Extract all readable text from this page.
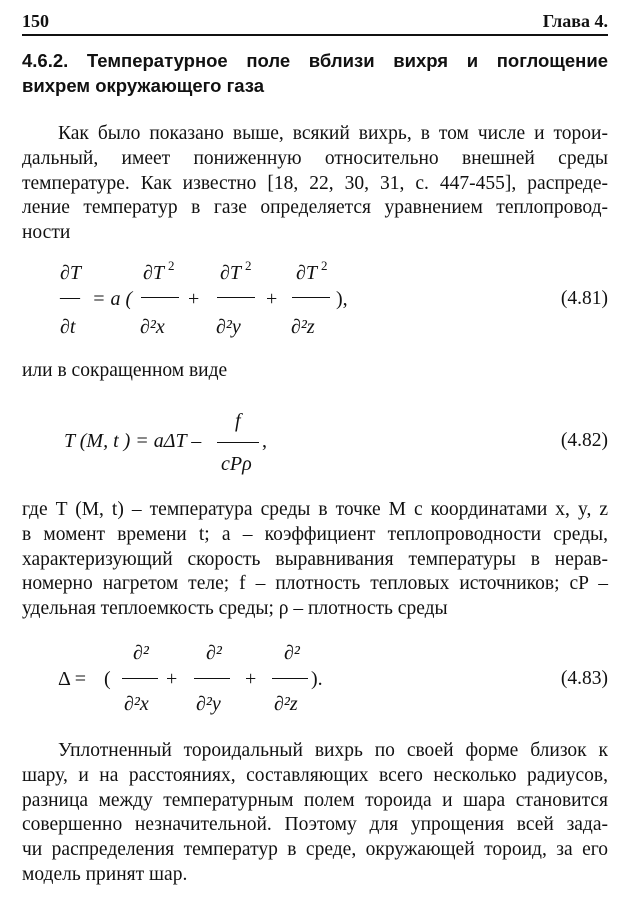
150	Глава 4.
4.6.2. Температурное поле вблизи вихря и поглощение
вихрем окружающего газа
Как было показано выше, всякий вихрь, в том числе и торои-
дальный, имеет пониженную относительно внешней среды
температуре. Как известно [18, 22, 30, 31, с. 447-455], распреде-
ление температур в газе определяется уравнением теплопровод-
ности
∂T
—
∂t
= a (
∂T 2
∂²x
+
∂T 2
∂²y
+
∂T 2
∂²z
),	(4.81)
или в сокращенном виде
T (M, t ) = aΔT –
f
cPρ
,	(4.82)
где T (M, t) – температура среды в точке M с координатами x, y, z
в момент времени t; a – коэффициент теплопроводности среды,
характеризующий скорость выравнивания температуры в нерав-
номерно нагретом теле; f – плотность тепловых источников; cP –
удельная теплоемкость среды; ρ – плотность среды
Δ = (
∂²
∂²x
+
∂²
∂²y
+
∂²
∂²z
).	(4.83)
Уплотненный тороидальный вихрь по своей форме близок к
шару, и на расстояниях, составляющих всего несколько радиусов,
разница между температурным полем тороида и шара становится
совершенно незначительной. Поэтому для упрощения всей зада-
чи распределения температур в среде, окружающей тороид, за его
модель принят шар.
